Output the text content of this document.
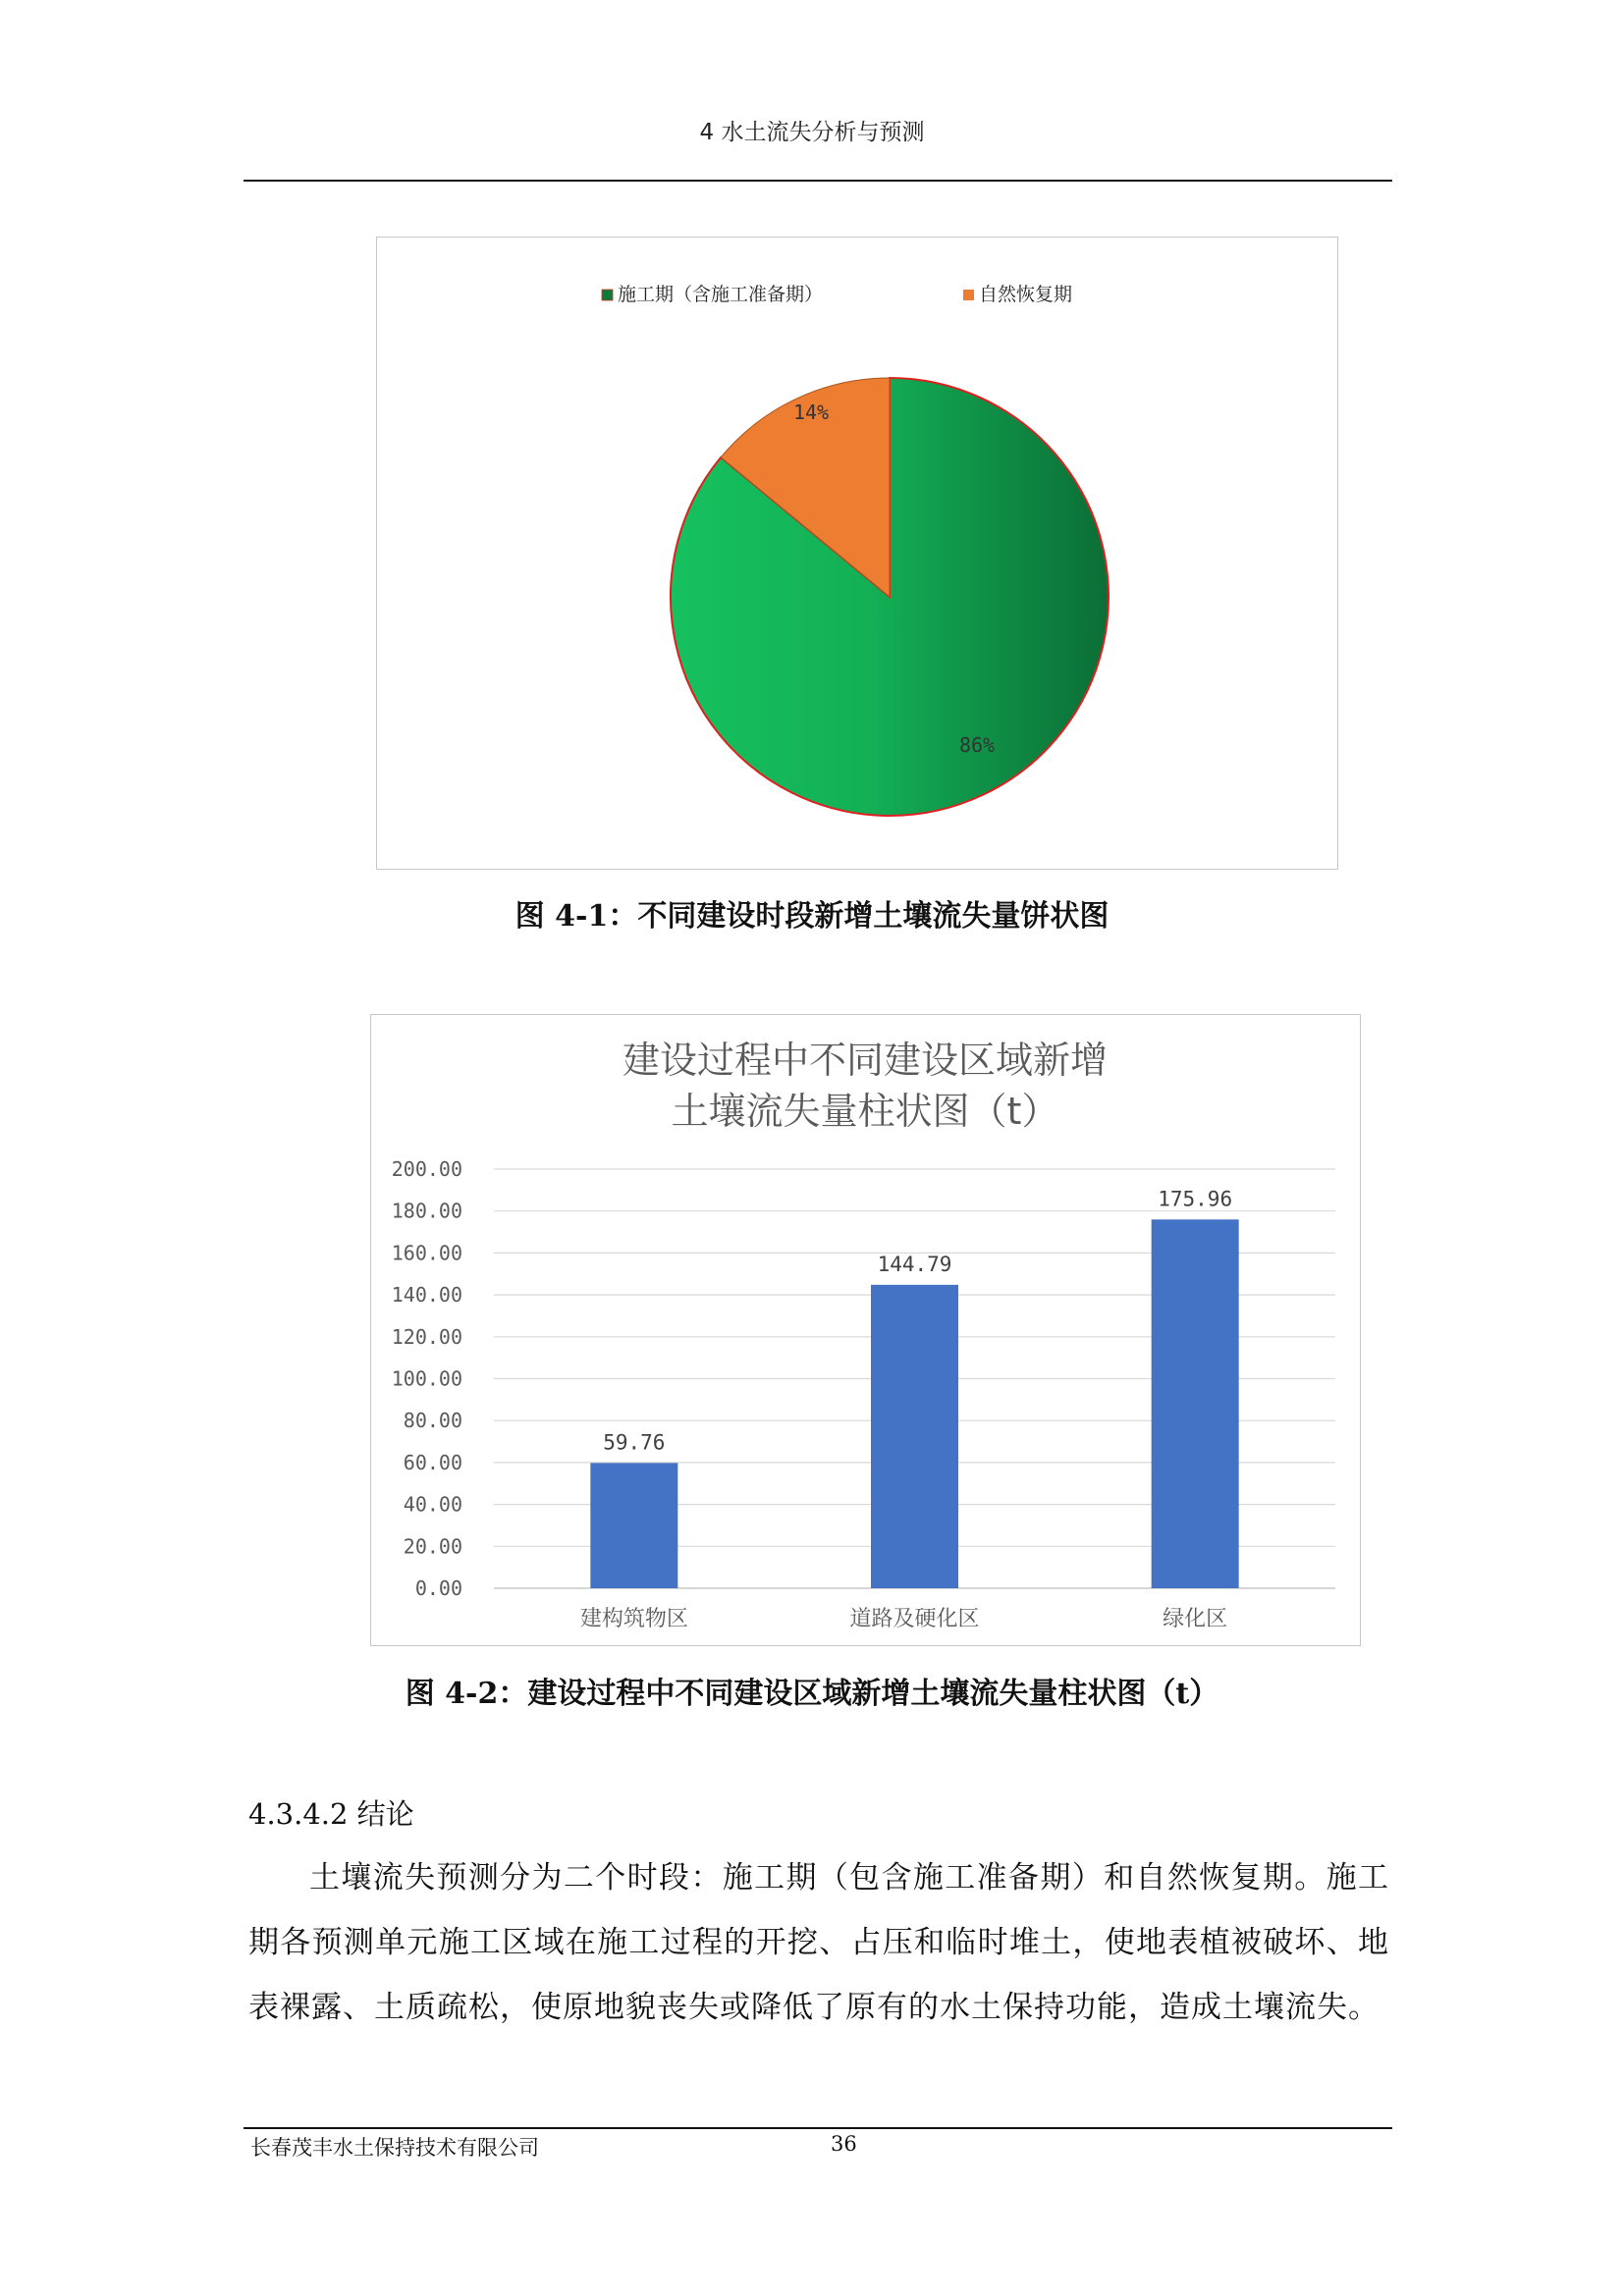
4 水土流失分析与预测
施工期（含施工准备期）	自然恢复期
14%
86%
图 4-1：不同建设时段新增土壤流失量饼状图
建设过程中不同建设区域新增
土壤流失量柱状图（t）
0.00
20.00
40.00
60.00
80.00
100.00
120.00
140.00
160.00
180.00
200.00
59.76
144.79
175.96
建构筑物区	道路及硬化区	绿化区
图 4-2：建设过程中不同建设区域新增土壤流失量柱状图（t）
4.3.4.2 结论
土壤流失预测分为二个时段：施工期（包含施工准备期）和自然恢复期。施工期各预测单元施工区域在施工过程的开挖、占压和临时堆土，使地表植被破坏、地表裸露、土质疏松，使原地貌丧失或降低了原有的水土保持功能，造成土壤流失。
长春茂丰水土保持技术有限公司	36
